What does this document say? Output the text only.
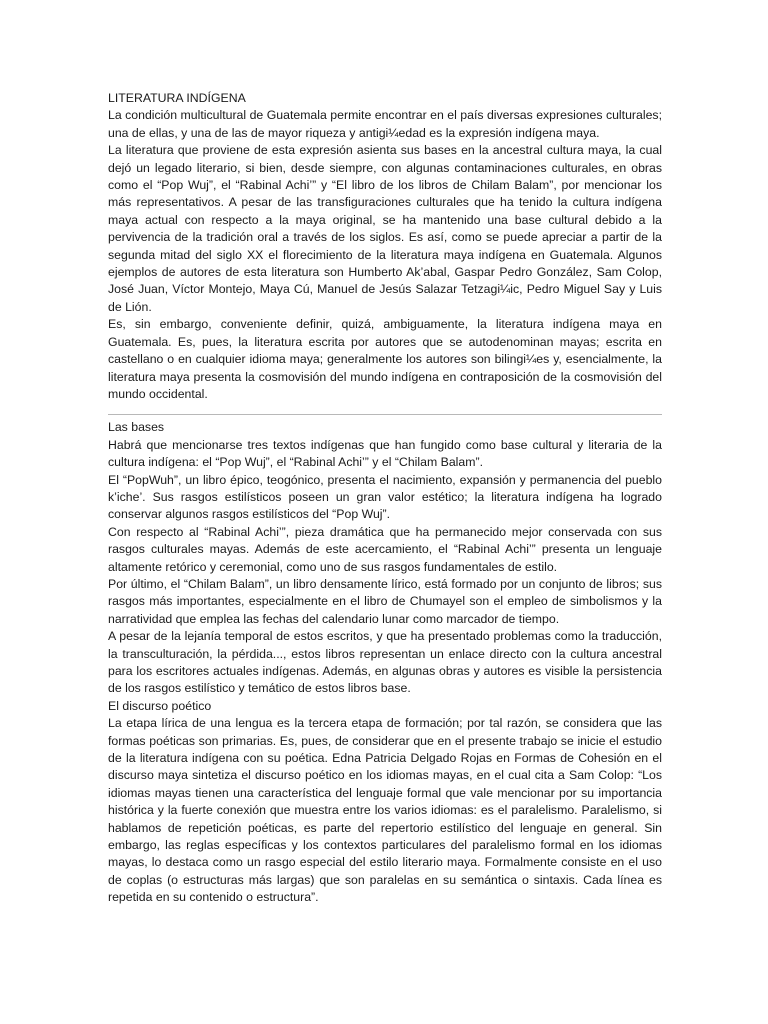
LITERATURA INDÍGENA

La condición multicultural de Guatemala permite encontrar en el país diversas expresiones culturales; una de ellas, y una de las de mayor riqueza y antigi¼edad es la expresión indígena maya.

La literatura que proviene de esta expresión asienta sus bases en la ancestral cultura maya, la cual dejó un legado literario, si bien, desde siempre, con algunas contaminaciones culturales, en obras como el “Pop Wuj”, el “Rabinal Achi’” y “El libro de los libros de Chilam Balam”, por mencionar los más representativos. A pesar de las transfiguraciones culturales que ha tenido la cultura indígena maya actual con respecto a la maya original, se ha mantenido una base cultural debido a la pervivencia de la tradición oral a través de los siglos. Es así, como se puede apreciar a partir de la segunda mitad del siglo XX el florecimiento de la literatura maya indígena en Guatemala. Algunos ejemplos de autores de esta literatura son Humberto Ak’abal, Gaspar Pedro González, Sam Colop, José Juan, Víctor Montejo, Maya Cú, Manuel de Jesús Salazar Tetzagi¼ic, Pedro Miguel Say y Luis de Lión.

Es, sin embargo, conveniente definir, quizá, ambiguamente, la literatura indígena maya en Guatemala. Es, pues, la literatura escrita por autores que se autodenominan mayas; escrita en castellano o en cualquier idioma maya; generalmente los autores son bilingi¼es y, esencialmente, la literatura maya presenta la cosmovisión del mundo indígena en contraposición de la cosmovisión del mundo occidental.

Las bases

Habrá que mencionarse tres textos indígenas que han fungido como base cultural y literaria de la cultura indígena: el “Pop Wuj”, el “Rabinal Achi’” y el “Chilam Balam”.

El “PopWuh”, un libro épico, teogónico, presenta el nacimiento, expansión y permanencia del pueblo k’iche’. Sus rasgos estilísticos poseen un gran valor estético; la literatura indígena ha logrado conservar algunos rasgos estilísticos del “Pop Wuj”.

Con respecto al “Rabinal Achi’”, pieza dramática que ha permanecido mejor conservada con sus rasgos culturales mayas. Además de este acercamiento, el “Rabinal Achi’” presenta un lenguaje altamente retórico y ceremonial, como uno de sus rasgos fundamentales de estilo.

Por último, el “Chilam Balam”, un libro densamente lírico, está formado por un conjunto de libros; sus rasgos más importantes, especialmente en el libro de Chumayel son el empleo de simbolismos y la narratividad que emplea las fechas del calendario lunar como marcador de tiempo.

A pesar de la lejanía temporal de estos escritos, y que ha presentado problemas como la traducción, la transculturación, la pérdida..., estos libros representan un enlace directo con la cultura ancestral para los escritores actuales indígenas. Además, en algunas obras y autores es visible la persistencia de los rasgos estilístico y temático de estos libros base.

El discurso poético

La etapa lírica de una lengua es la tercera etapa de formación; por tal razón, se considera que las formas poéticas son primarias. Es, pues, de considerar que en el presente trabajo se inicie el estudio de la literatura indígena con su poética. Edna Patricia Delgado Rojas en Formas de Cohesión en el discurso maya sintetiza el discurso poético en los idiomas mayas, en el cual cita a Sam Colop: “Los idiomas mayas tienen una característica del lenguaje formal que vale mencionar por su importancia histórica y la fuerte conexión que muestra entre los varios idiomas: es el paralelismo. Paralelismo, si hablamos de repetición poéticas, es parte del repertorio estilístico del lenguaje en general. Sin embargo, las reglas específicas y los contextos particulares del paralelismo formal en los idiomas mayas, lo destaca como un rasgo especial del estilo literario maya. Formalmente consiste en el uso de coplas (o estructuras más largas) que son paralelas en su semántica o sintaxis. Cada línea es repetida en su contenido o estructura”.
